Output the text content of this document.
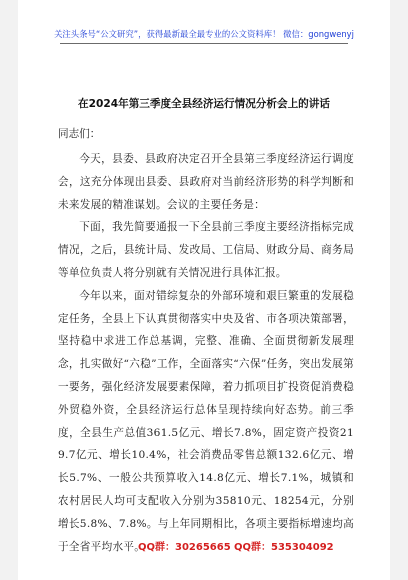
关注头条号“公文研究”，获得最新最全最专业的公文资料库！ 微信：gongwenyj
在2024年第三季度全县经济运行情况分析会上的讲话
同志们：

今天，县委、县政府决定召开全县第三季度经济运行调度会，这充分体现出县委、县政府对当前经济形势的科学判断和未来发展的精准谋划。会议的主要任务是：

下面，我先简要通报一下全县前三季度主要经济指标完成情况，之后，县统计局、发改局、工信局、财政分局、商务局等单位负责人将分别就有关情况进行具体汇报。

今年以来，面对错综复杂的外部环境和艰巨繁重的发展稳定任务，全县上下认真贯彻落实中央及省、市各项决策部署，坚持稳中求进工作总基调，完整、准确、全面贯彻新发展理念，扎实做好“六稳”工作，全面落实“六保”任务，突出发展第一要务，强化经济发展要素保障，着力抓项目扩投资促消费稳外贸稳外资，全县经济运行总体呈现持续向好态势。前三季度，全县生产总值361.5亿元、增长7.8%，固定资产投资219.7亿元、增长10.4%，社会消费品零售总额132.6亿元、增长5.7%、一般公共预算收入14.8亿元、增长7.1%，城镇和农村居民人均可支配收入分别为35810元、18254元，分别增长5.8%、7.8%。与上年同期相比，各项主要指标增速均高于全省平均水平。

QQ群：30265665 QQ群：535304092
